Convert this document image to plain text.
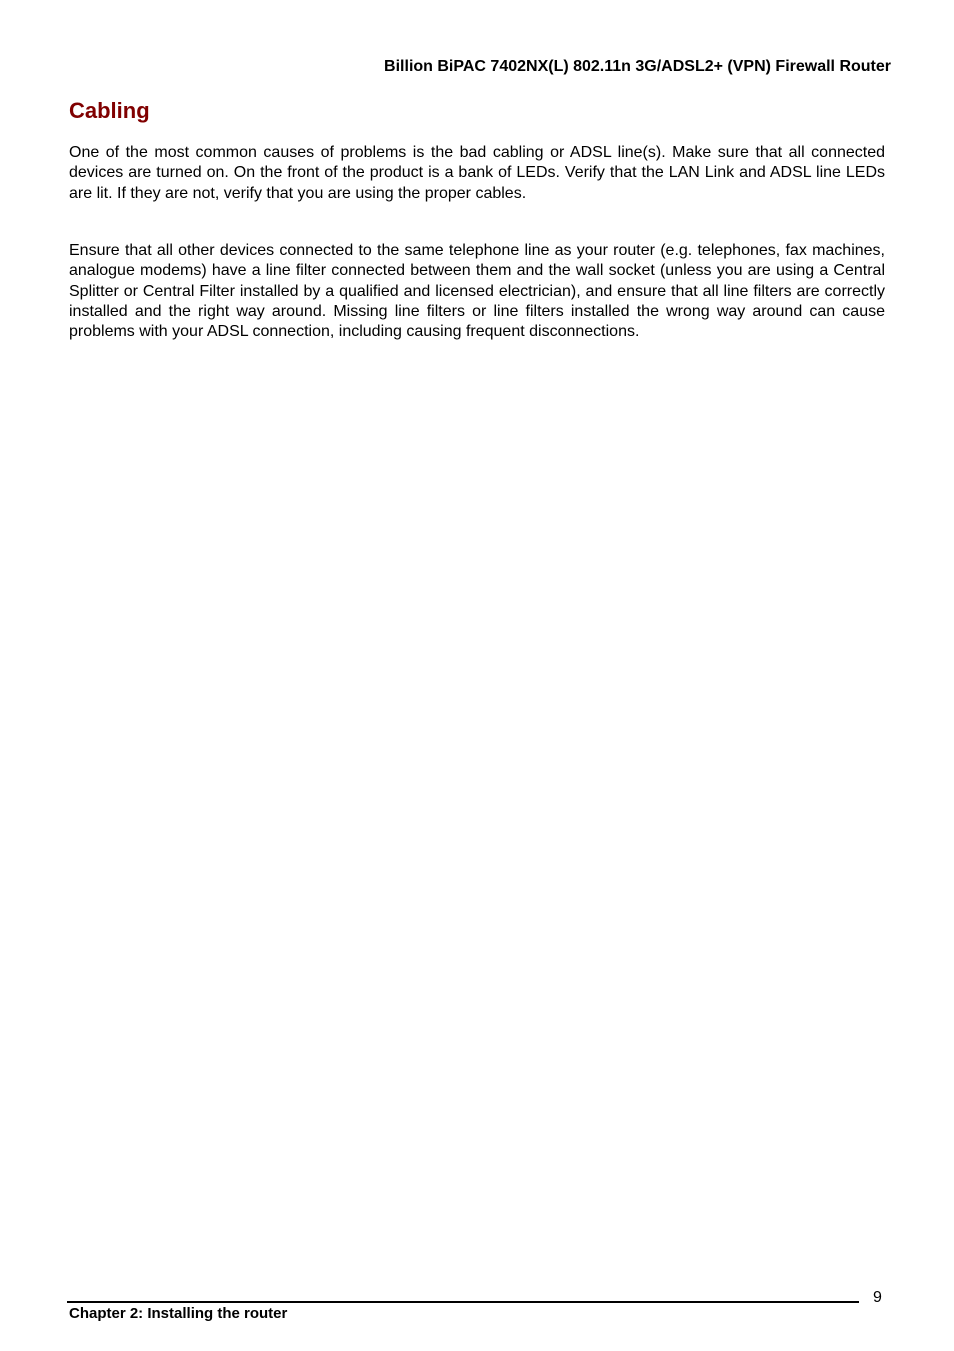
Billion BiPAC 7402NX(L) 802.11n 3G/ADSL2+ (VPN) Firewall Router
Cabling

One of the most common causes of problems is the bad cabling or ADSL line(s). Make sure that all connected devices are turned on. On the front of the product is a bank of LEDs. Verify that the LAN Link and ADSL line LEDs are lit. If they are not, verify that you are using the proper cables.

Ensure that all other devices connected to the same telephone line as your router (e.g. telephones, fax machines, analogue modems) have a line filter connected between them and the wall socket (unless you are using a Central Splitter or Central Filter installed by a qualified and licensed electrician), and ensure that all line filters are correctly installed and the right way around. Missing line filters or line filters installed the wrong way around can cause problems with your ADSL connection, including causing frequent disconnections.

9
Chapter 2: Installing the router
